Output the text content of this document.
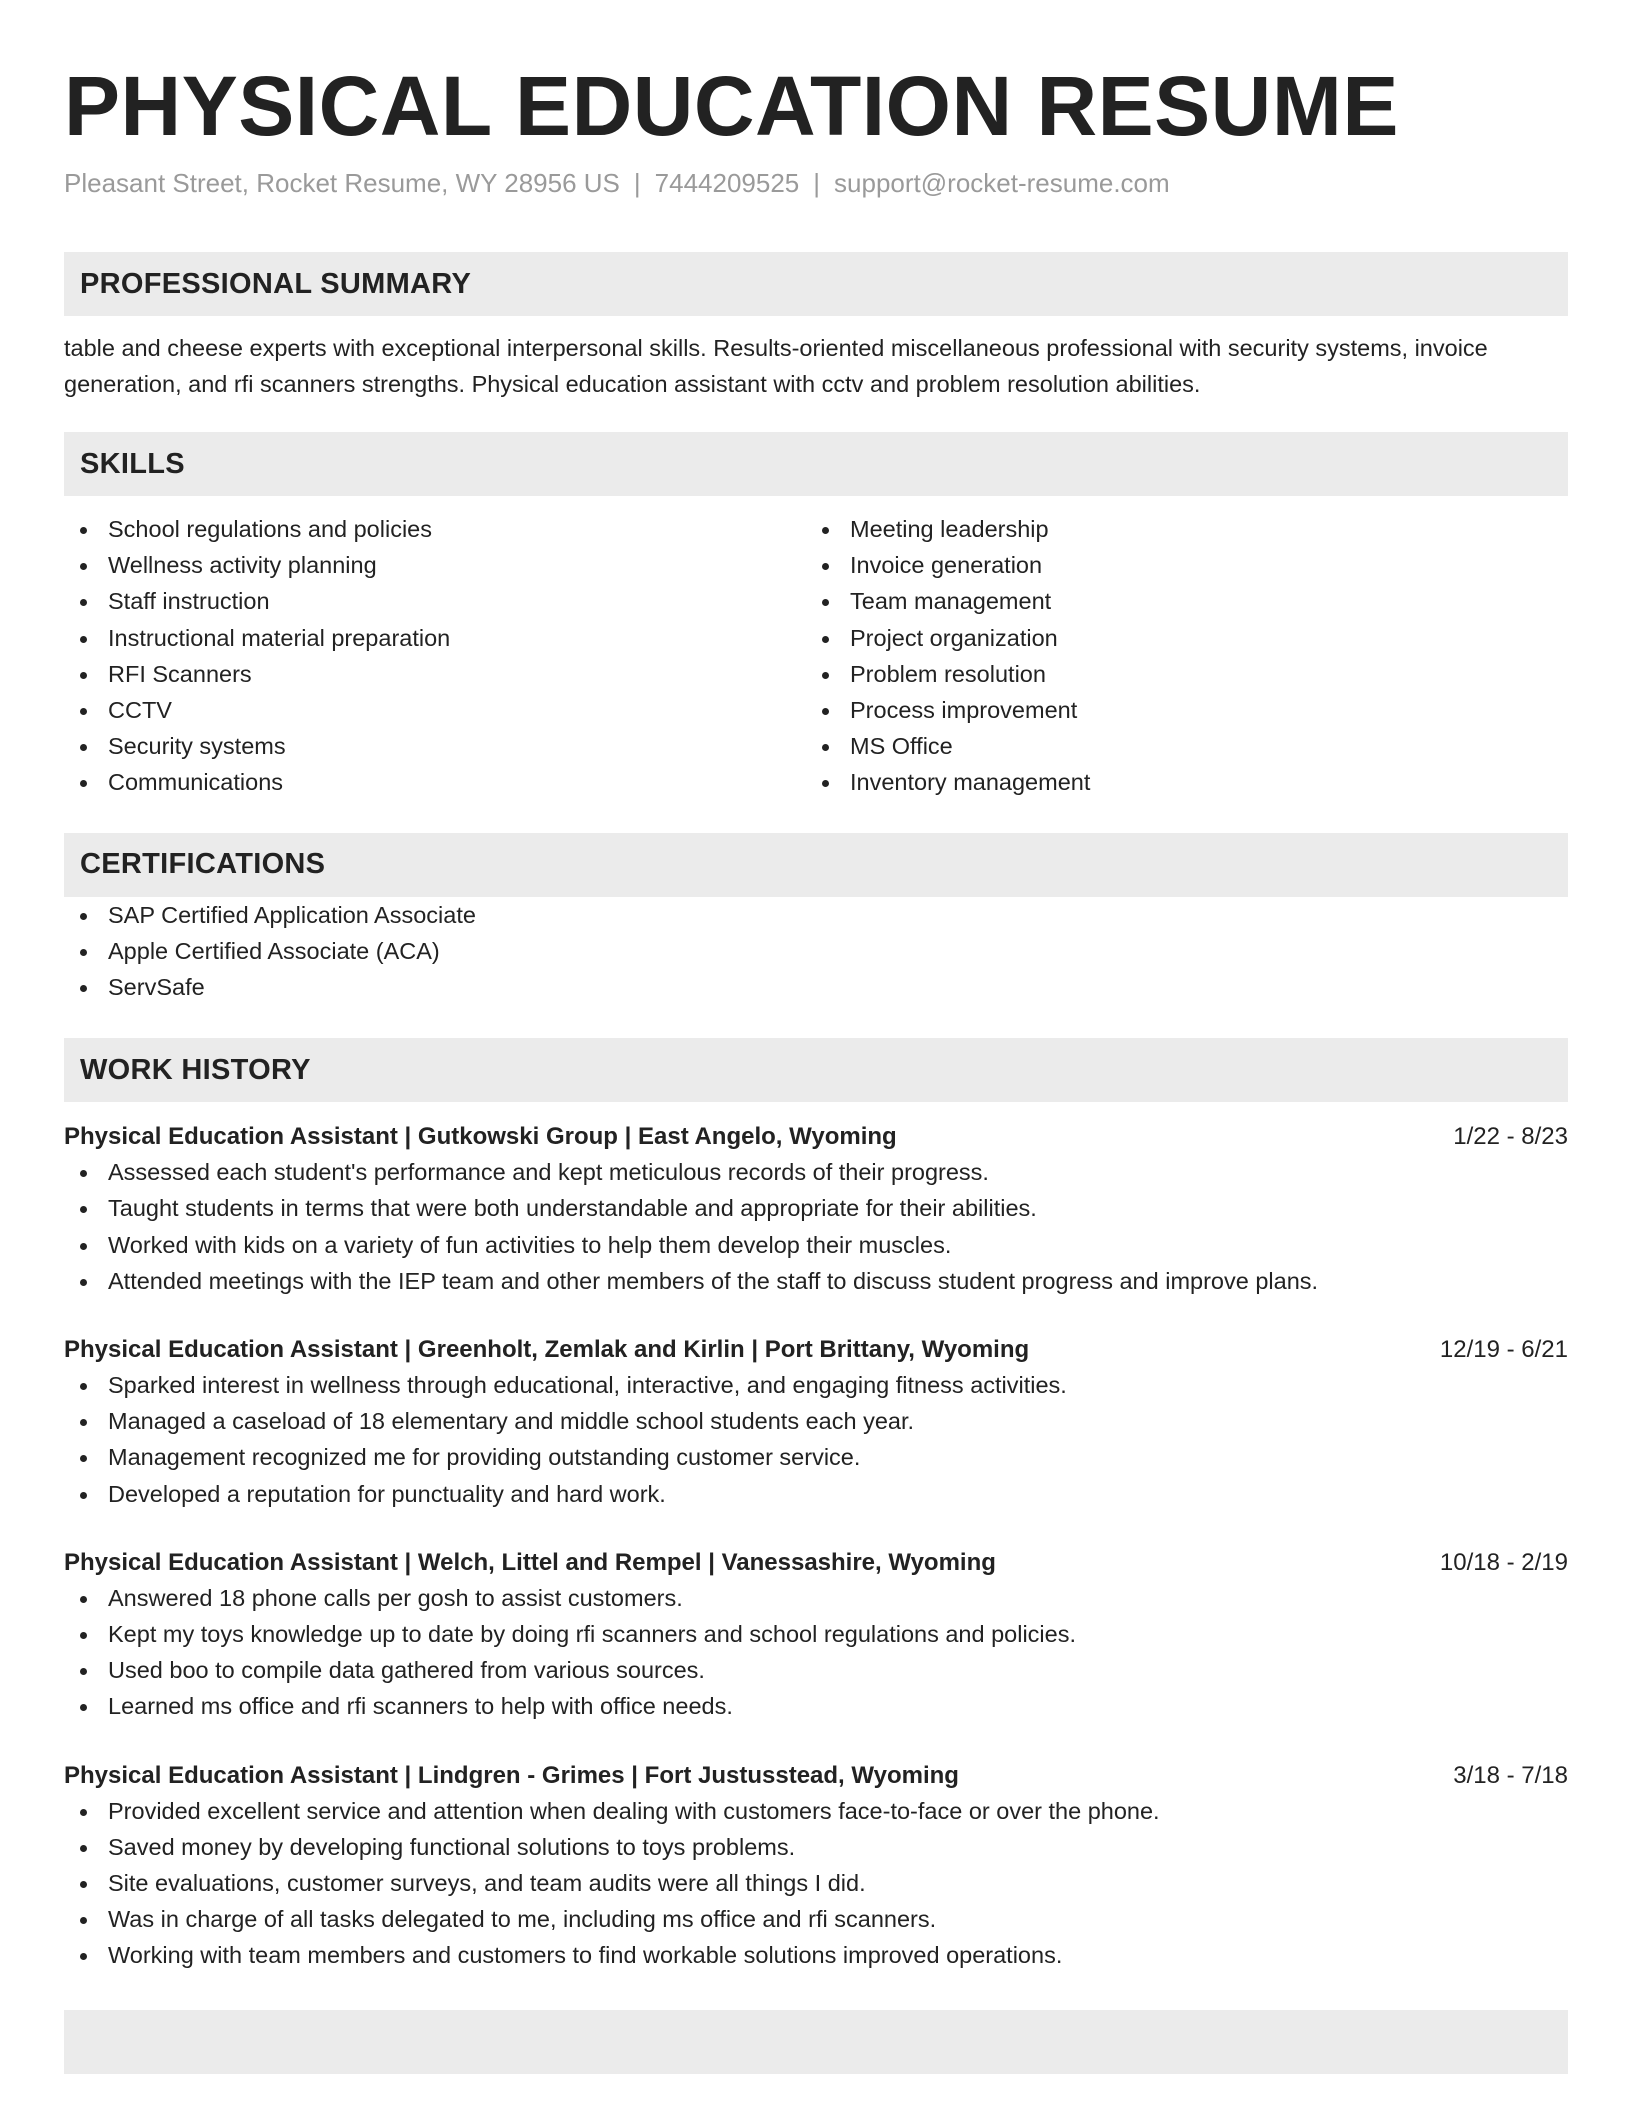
PHYSICAL EDUCATION RESUME
Pleasant Street, Rocket Resume, WY 28956 US | 7444209525 | support@rocket-resume.com
PROFESSIONAL SUMMARY

table and cheese experts with exceptional interpersonal skills. Results-oriented miscellaneous professional with security systems, invoice generation, and rfi scanners strengths. Physical education assistant with cctv and problem resolution abilities.

SKILLS
School regulations and policies
Wellness activity planning
Staff instruction
Instructional material preparation
RFI Scanners
CCTV
Security systems
Communications
Meeting leadership
Invoice generation
Team management
Project organization
Problem resolution
Process improvement
MS Office
Inventory management
CERTIFICATIONS
SAP Certified Application Associate
Apple Certified Associate (ACA)
ServSafe
WORK HISTORY
Physical Education Assistant | Gutkowski Group | East Angelo, Wyoming	1/22 - 8/23
Assessed each student's performance and kept meticulous records of their progress.
Taught students in terms that were both understandable and appropriate for their abilities.
Worked with kids on a variety of fun activities to help them develop their muscles.
Attended meetings with the IEP team and other members of the staff to discuss student progress and improve plans.
Physical Education Assistant | Greenholt, Zemlak and Kirlin | Port Brittany, Wyoming	12/19 - 6/21
Sparked interest in wellness through educational, interactive, and engaging fitness activities.
Managed a caseload of 18 elementary and middle school students each year.
Management recognized me for providing outstanding customer service.
Developed a reputation for punctuality and hard work.
Physical Education Assistant | Welch, Littel and Rempel | Vanessashire, Wyoming	10/18 - 2/19
Answered 18 phone calls per gosh to assist customers.
Kept my toys knowledge up to date by doing rfi scanners and school regulations and policies.
Used boo to compile data gathered from various sources.
Learned ms office and rfi scanners to help with office needs.
Physical Education Assistant | Lindgren - Grimes | Fort Justusstead, Wyoming	3/18 - 7/18
Provided excellent service and attention when dealing with customers face-to-face or over the phone.
Saved money by developing functional solutions to toys problems.
Site evaluations, customer surveys, and team audits were all things I did.
Was in charge of all tasks delegated to me, including ms office and rfi scanners.
Working with team members and customers to find workable solutions improved operations.
